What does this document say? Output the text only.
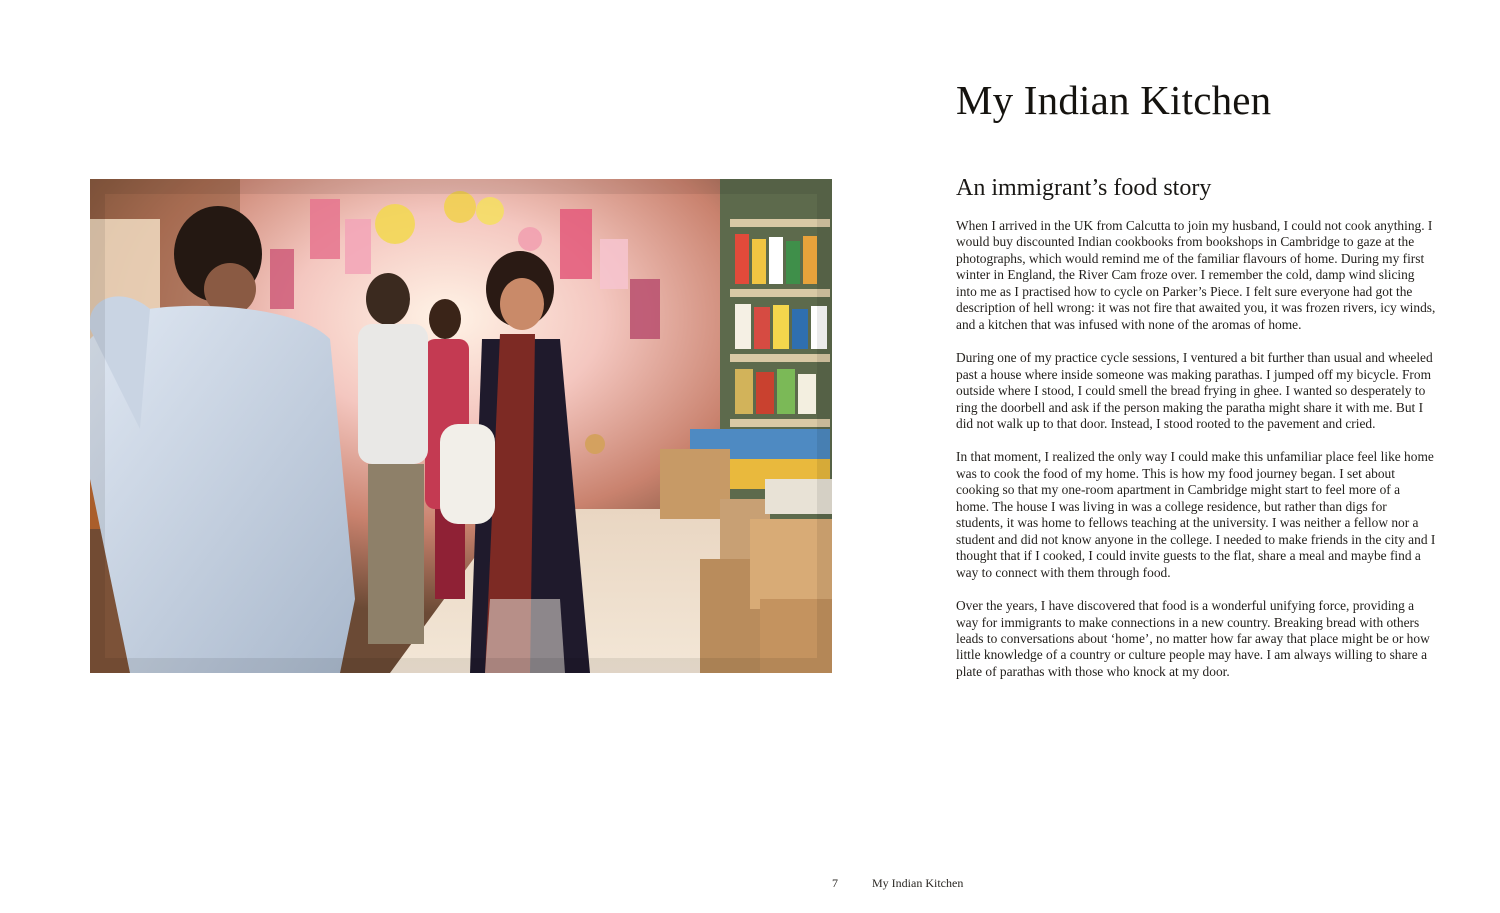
My Indian Kitchen
An immigrant’s food story

When I arrived in the UK from Calcutta to join my husband, I could not cook anything. I would buy discounted Indian cookbooks from bookshops in Cambridge to gaze at the photographs, which would remind me of the familiar flavours of home. During my first winter in England, the River Cam froze over. I remember the cold, damp wind slicing into me as I practised how to cycle on Parker’s Piece. I felt sure everyone had got the description of hell wrong: it was not fire that awaited you, it was frozen rivers, icy winds, and a kitchen that was infused with none of the aromas of home.

During one of my practice cycle sessions, I ventured a bit further than usual and wheeled past a house where inside someone was making parathas. I jumped off my bicycle. From outside where I stood, I could smell the bread frying in ghee. I wanted so desperately to ring the doorbell and ask if the person making the paratha might share it with me. But I did not walk up to that door. Instead, I stood rooted to the pavement and cried.

In that moment, I realized the only way I could make this unfamiliar place feel like home was to cook the food of my home. This is how my food journey began. I set about cooking so that my one-room apartment in Cambridge might start to feel more of a home. The house I was living in was a college residence, but rather than digs for students, it was home to fellows teaching at the university. I was neither a fellow nor a student and did not know anyone in the college. I needed to make friends in the city and I thought that if I cooked, I could invite guests to the flat, share a meal and maybe find a way to connect with them through food.

Over the years, I have discovered that food is a wonderful unifying force, providing a way for immigrants to make connections in a new country. Breaking bread with others leads to conversations about ‘home’, no matter how far away that place might be or how little knowledge of a country or culture people may have. I am always willing to share a plate of parathas with those who knock at my door.

7	My Indian Kitchen
